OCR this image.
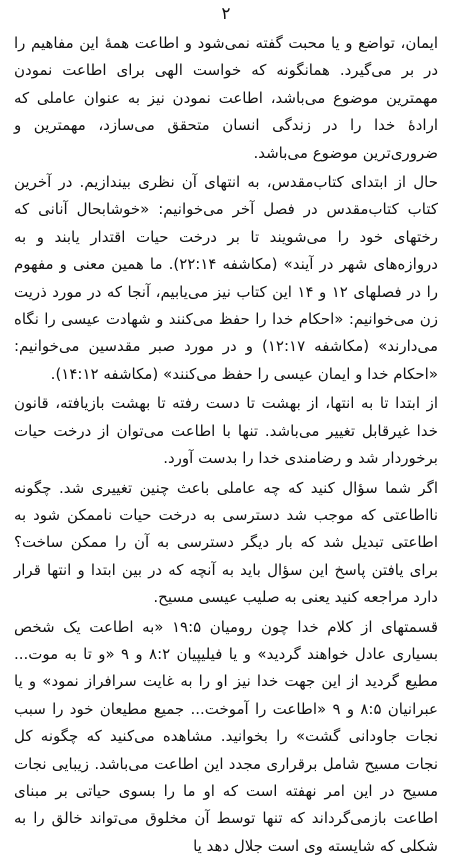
۲

ایمان، تواضع و یا محبت گفته نمی‌شود و اطاعت همهٔ این مفاهیم را در بر می‌گیرد. همانگونه که خواست الهی برای اطاعت نمودن مهمترین موضوع می‌باشد، اطاعت نمودن نیز به عنوان عاملی که ارادهٔ خدا را در زندگی انسان متحقق می‌سازد، مهمترین و ضروری‌ترین موضوع می‌باشد.

حال از ابتدای کتاب‌مقدس، به انتهای آن نظری بیندازیم. در آخرین کتاب کتاب‌مقدس در فصل آخر می‌خوانیم: «خوشابحال آنانی که رختهای خود را می‌شویند تا بر درخت حیات اقتدار یابند و به دروازه‌های شهر در آیند» (مکاشفه ۲۲:۱۴). ما همین معنی و مفهوم را در فصلهای ۱۲ و ۱۴ این کتاب نیز می‌یابیم، آنجا که در مورد ذریت زن می‌خوانیم: «احکام خدا را حفظ می‌کنند و شهادت عیسی را نگاه می‌دارند» (مکاشفه ۱۲:۱۷) و در مورد صبر مقدسین می‌خوانیم: «احکام خدا و ایمان عیسی را حفظ می‌کنند» (مکاشفه ۱۴:۱۲).

از ابتدا تا به انتها، از بهشت تا دست رفته تا بهشت بازیافته، قانون خدا غیرقابل تغییر می‌باشد. تنها با اطاعت می‌توان از درخت حیات برخوردار شد و رضامندی خدا را بدست آورد.

اگر شما سؤال کنید که چه عاملی باعث چنین تغییری شد. چگونه نااطاعتی که موجب شد دسترسی به درخت حیات ناممکن شود به اطاعتی تبدیل شد که بار دیگر دسترسی به آن را ممکن ساخت؟ برای یافتن پاسخ این سؤال باید به آنچه که در بین ابتدا و انتها قرار دارد مراجعه کنید یعنی به صلیب عیسی مسیح.

قسمتهای از کلام خدا چون رومیان ۱۹:۵ «به اطاعت یک شخص بسیاری عادل خواهند گردید» و یا فیلیپیان ۸:۲ و ۹ «و تا به موت... مطیع گردید از این جهت خدا نیز او را به غایت سرافراز نمود» و یا عبرانیان ۸:۵ و ۹ «اطاعت را آموخت... جمیع مطیعان خود را سبب نجات جاودانی گشت» را بخوانید. مشاهده می‌کنید که چگونه کل نجات مسیح شامل برقراری مجدد این اطاعت می‌باشد. زیبایی نجات مسیح در این امر نهفته است که او ما را بسوی حیاتی بر مبنای اطاعت بازمی‌گرداند که تنها توسط آن مخلوق می‌تواند خالق را به شکلی که شایسته وی است جلال دهد یا
